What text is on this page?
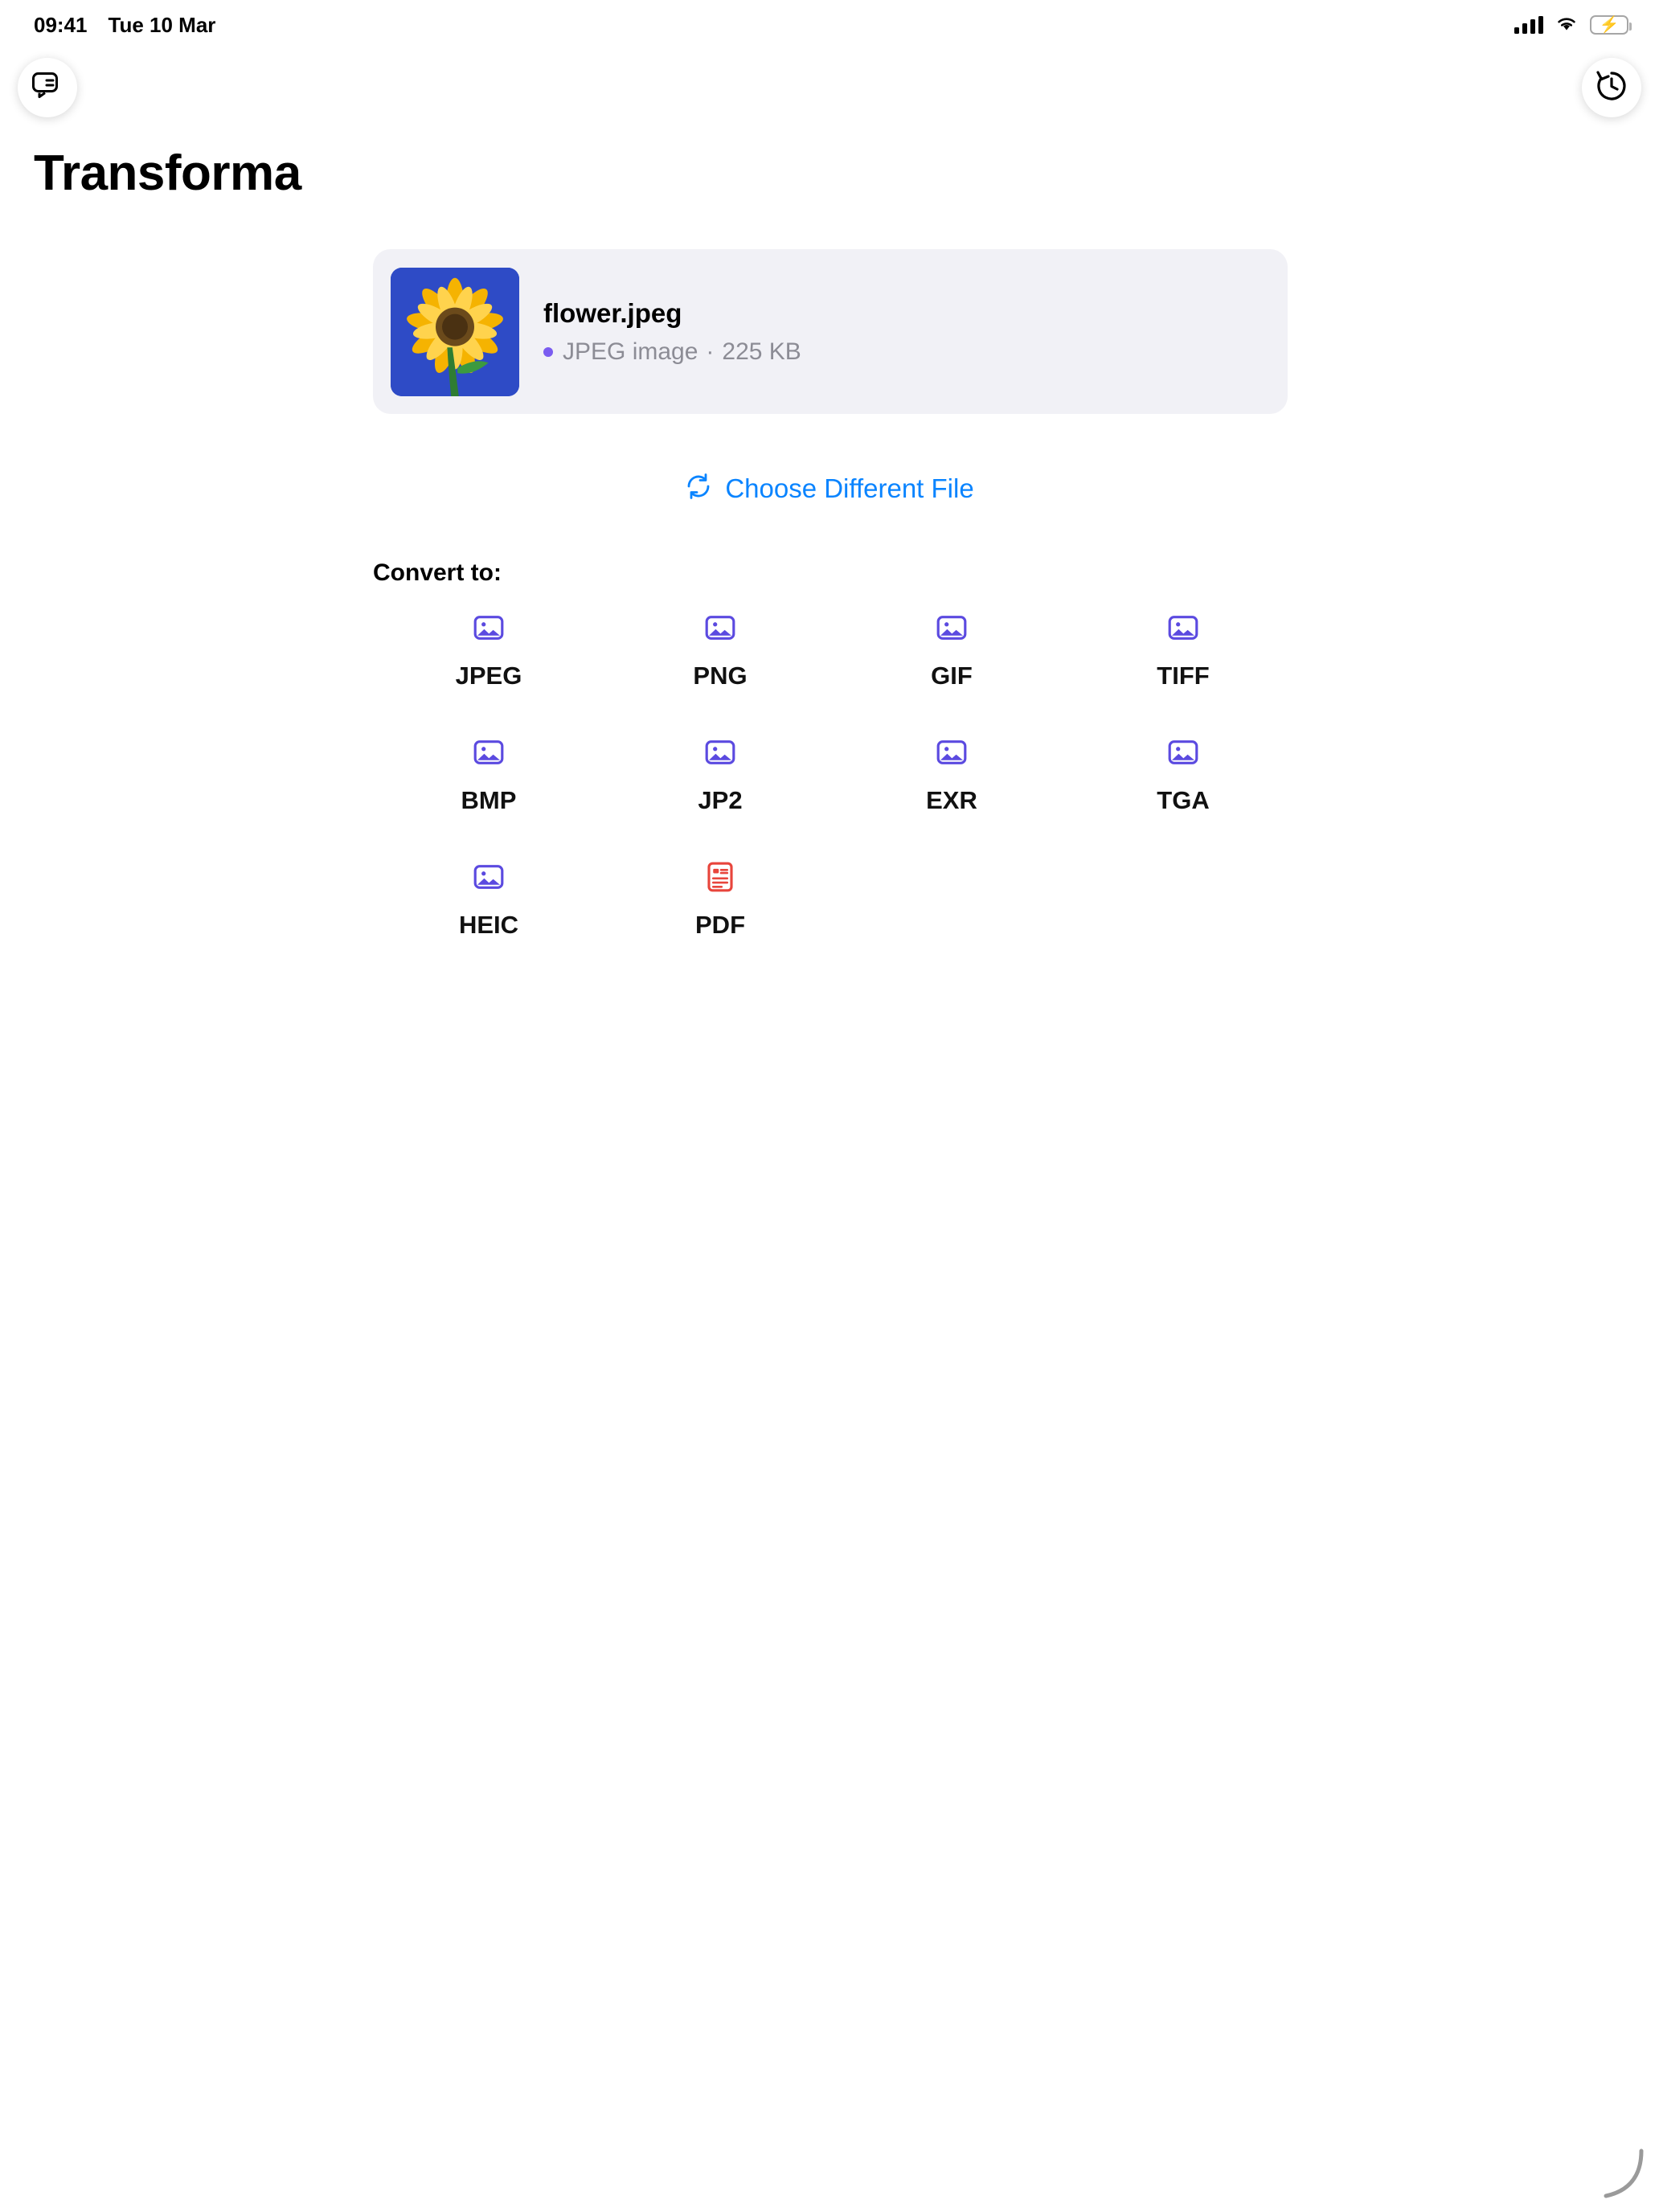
09:41 Tue 10 Mar	⚡
Transforma
flower.jpeg
JPEG image · 225 KB
Choose Different File
Convert to:
JPEG	PNG	GIF	TIFF
BMP	JP2	EXR	TGA
HEIC	PDF
